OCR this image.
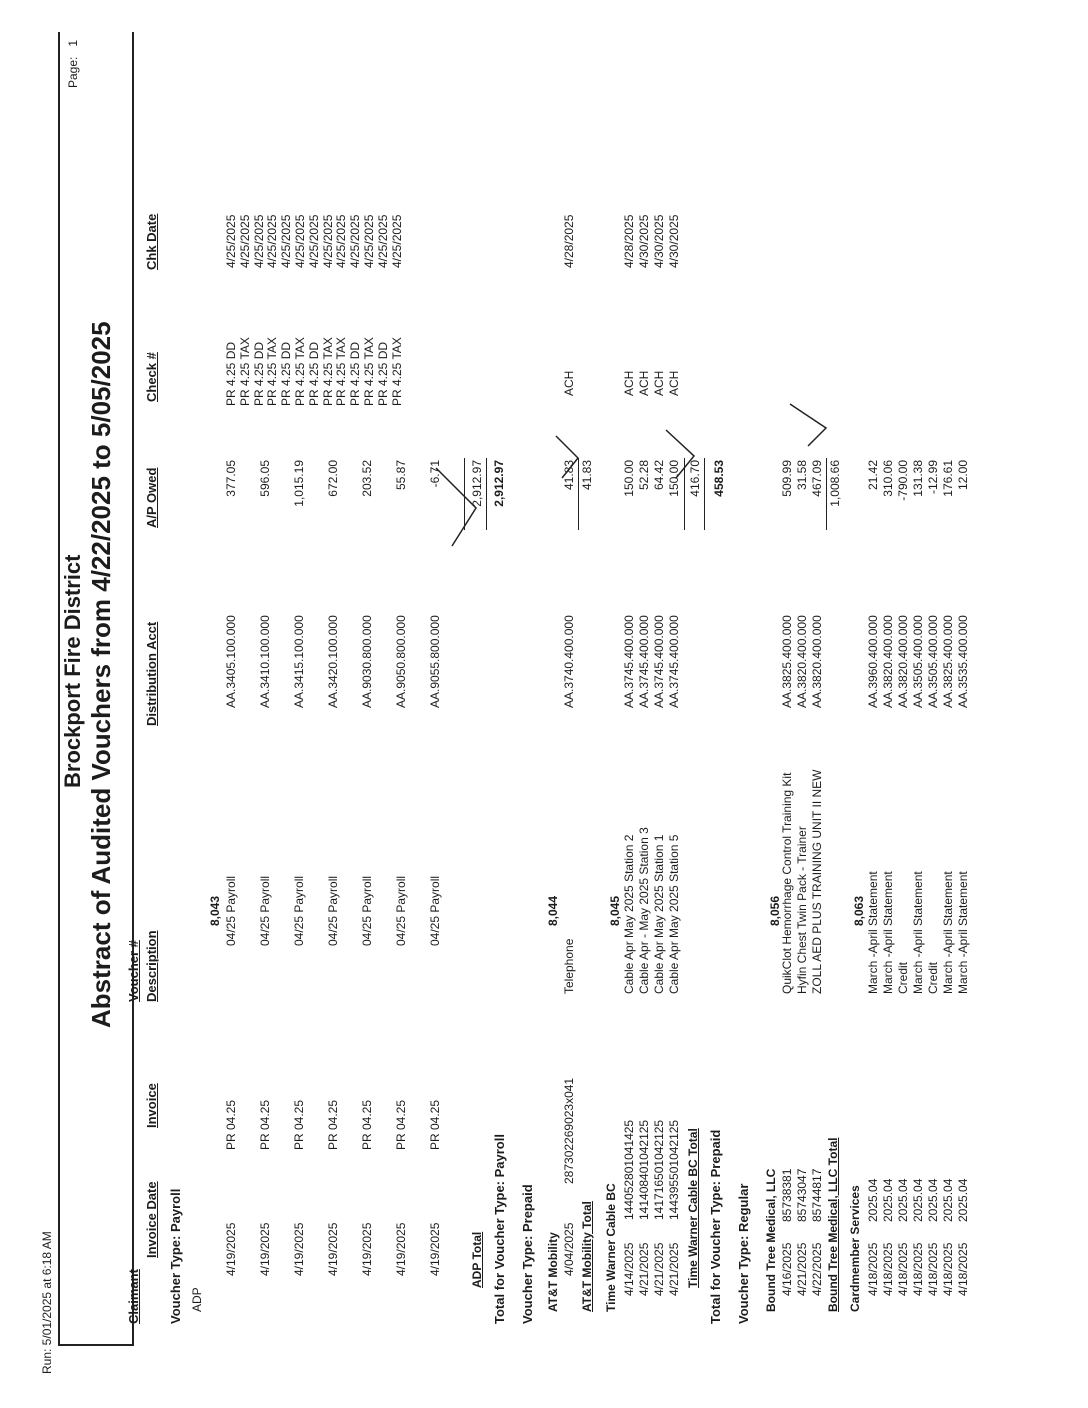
Run: 5/01/2025 at 6:18 AM
Page:   1
Brockport Fire District Abstract of Audited Vouchers from 4/22/2025 to 5/05/2025
Claimant
Invoice Date
Invoice
Voucher # Description
Distribution Acct
A/P Owed
Check #
Chk Date
Voucher Type: Payroll ADP
8,043
4/19/2025
PR 04.25
04/25 Payroll
AA.3405.100.000
377.05
4/19/2025
PR 04.25
04/25 Payroll
AA.3410.100.000
596.05
4/19/2025
PR 04.25
04/25 Payroll
AA.3415.100.000
1,015.19
4/19/2025
PR 04.25
04/25 Payroll
AA.3420.100.000
672.00
4/19/2025
PR 04.25
04/25 Payroll
AA.9030.800.000
203.52
4/19/2025
PR 04.25
04/25 Payroll
AA.9050.800.000
55.87
4/19/2025
PR 04.25
04/25 Payroll
AA.9055.800.000
-6.71
PR 4.25 DD
4/25/2025
PR 4.25 TAX
4/25/2025
PR 4.25 DD
4/25/2025
PR 4.25 TAX
4/25/2025
PR 4.25 DD
4/25/2025
PR 4.25 TAX
4/25/2025
PR 4.25 DD
4/25/2025
PR 4.25 TAX
4/25/2025
PR 4.25 TAX
4/25/2025
PR 4.25 DD
4/25/2025
PR 4.25 TAX
4/25/2025
PR 4.25 DD
4/25/2025
PR 4.25 TAX
4/25/2025
ADP Total
2,912.97
Total for Voucher Type: Payroll
2,912.97
Voucher Type: Prepaid AT&T Mobility
8,044
4/04/2025
287302269023x041
Telephone
AA.3740.400.000
41.83
ACH
4/28/2025
AT&T Mobility Total
41.83
Time Warner Cable BC
8,045
4/14/2025
144052801041425
Cable Apr May 2025 Station 2
AA.3745.400.000
150.00
ACH
4/28/2025
4/21/2025
141408401042125
Cable Apr - May 2025 Station 3
AA.3745.400.000
52.28
ACH
4/30/2025
4/21/2025
141716501042125
Cable Apr May 2025 Station 1
AA.3745.400.000
64.42
ACH
4/30/2025
4/21/2025
144395501042125
Cable Apr May 2025 Station 5
AA.3745.400.000
150.00
ACH
4/30/2025
Time Warner Cable BC Total
416.70
Total for Voucher Type: Prepaid
458.53
Voucher Type: Regular Bound Tree Medical, LLC
8,056
4/16/2025
85738381
QuikClot Hemorrhage Control Training Kit
AA.3825.400.000
509.99
4/21/2025
85743047
Hyfin Chest Twin Pack - Trainer
AA.3820.400.000
31.58
4/22/2025
85744817
ZOLL AED PLUS TRAINING UNIT II NEW
AA.3820.400.000
467.09
Bound Tree Medical, LLC Total
1,008.66
Cardmember Services
8,063
4/18/2025
2025.04
March -April Statement
AA.3960.400.000
21.42
4/18/2025
2025.04
March -April Statement
AA.3820.400.000
310.06
4/18/2025
2025.04
Credit
AA.3820.400.000
-790.00
4/18/2025
2025.04
March -April Statement
AA.3505.400.000
131.38
4/18/2025
2025.04
Credit
AA.3505.400.000
-12.99
4/18/2025
2025.04
March -April Statement
AA.3825.400.000
176.61
4/18/2025
2025.04
March -April Statement
AA.3535.400.000
12.00
